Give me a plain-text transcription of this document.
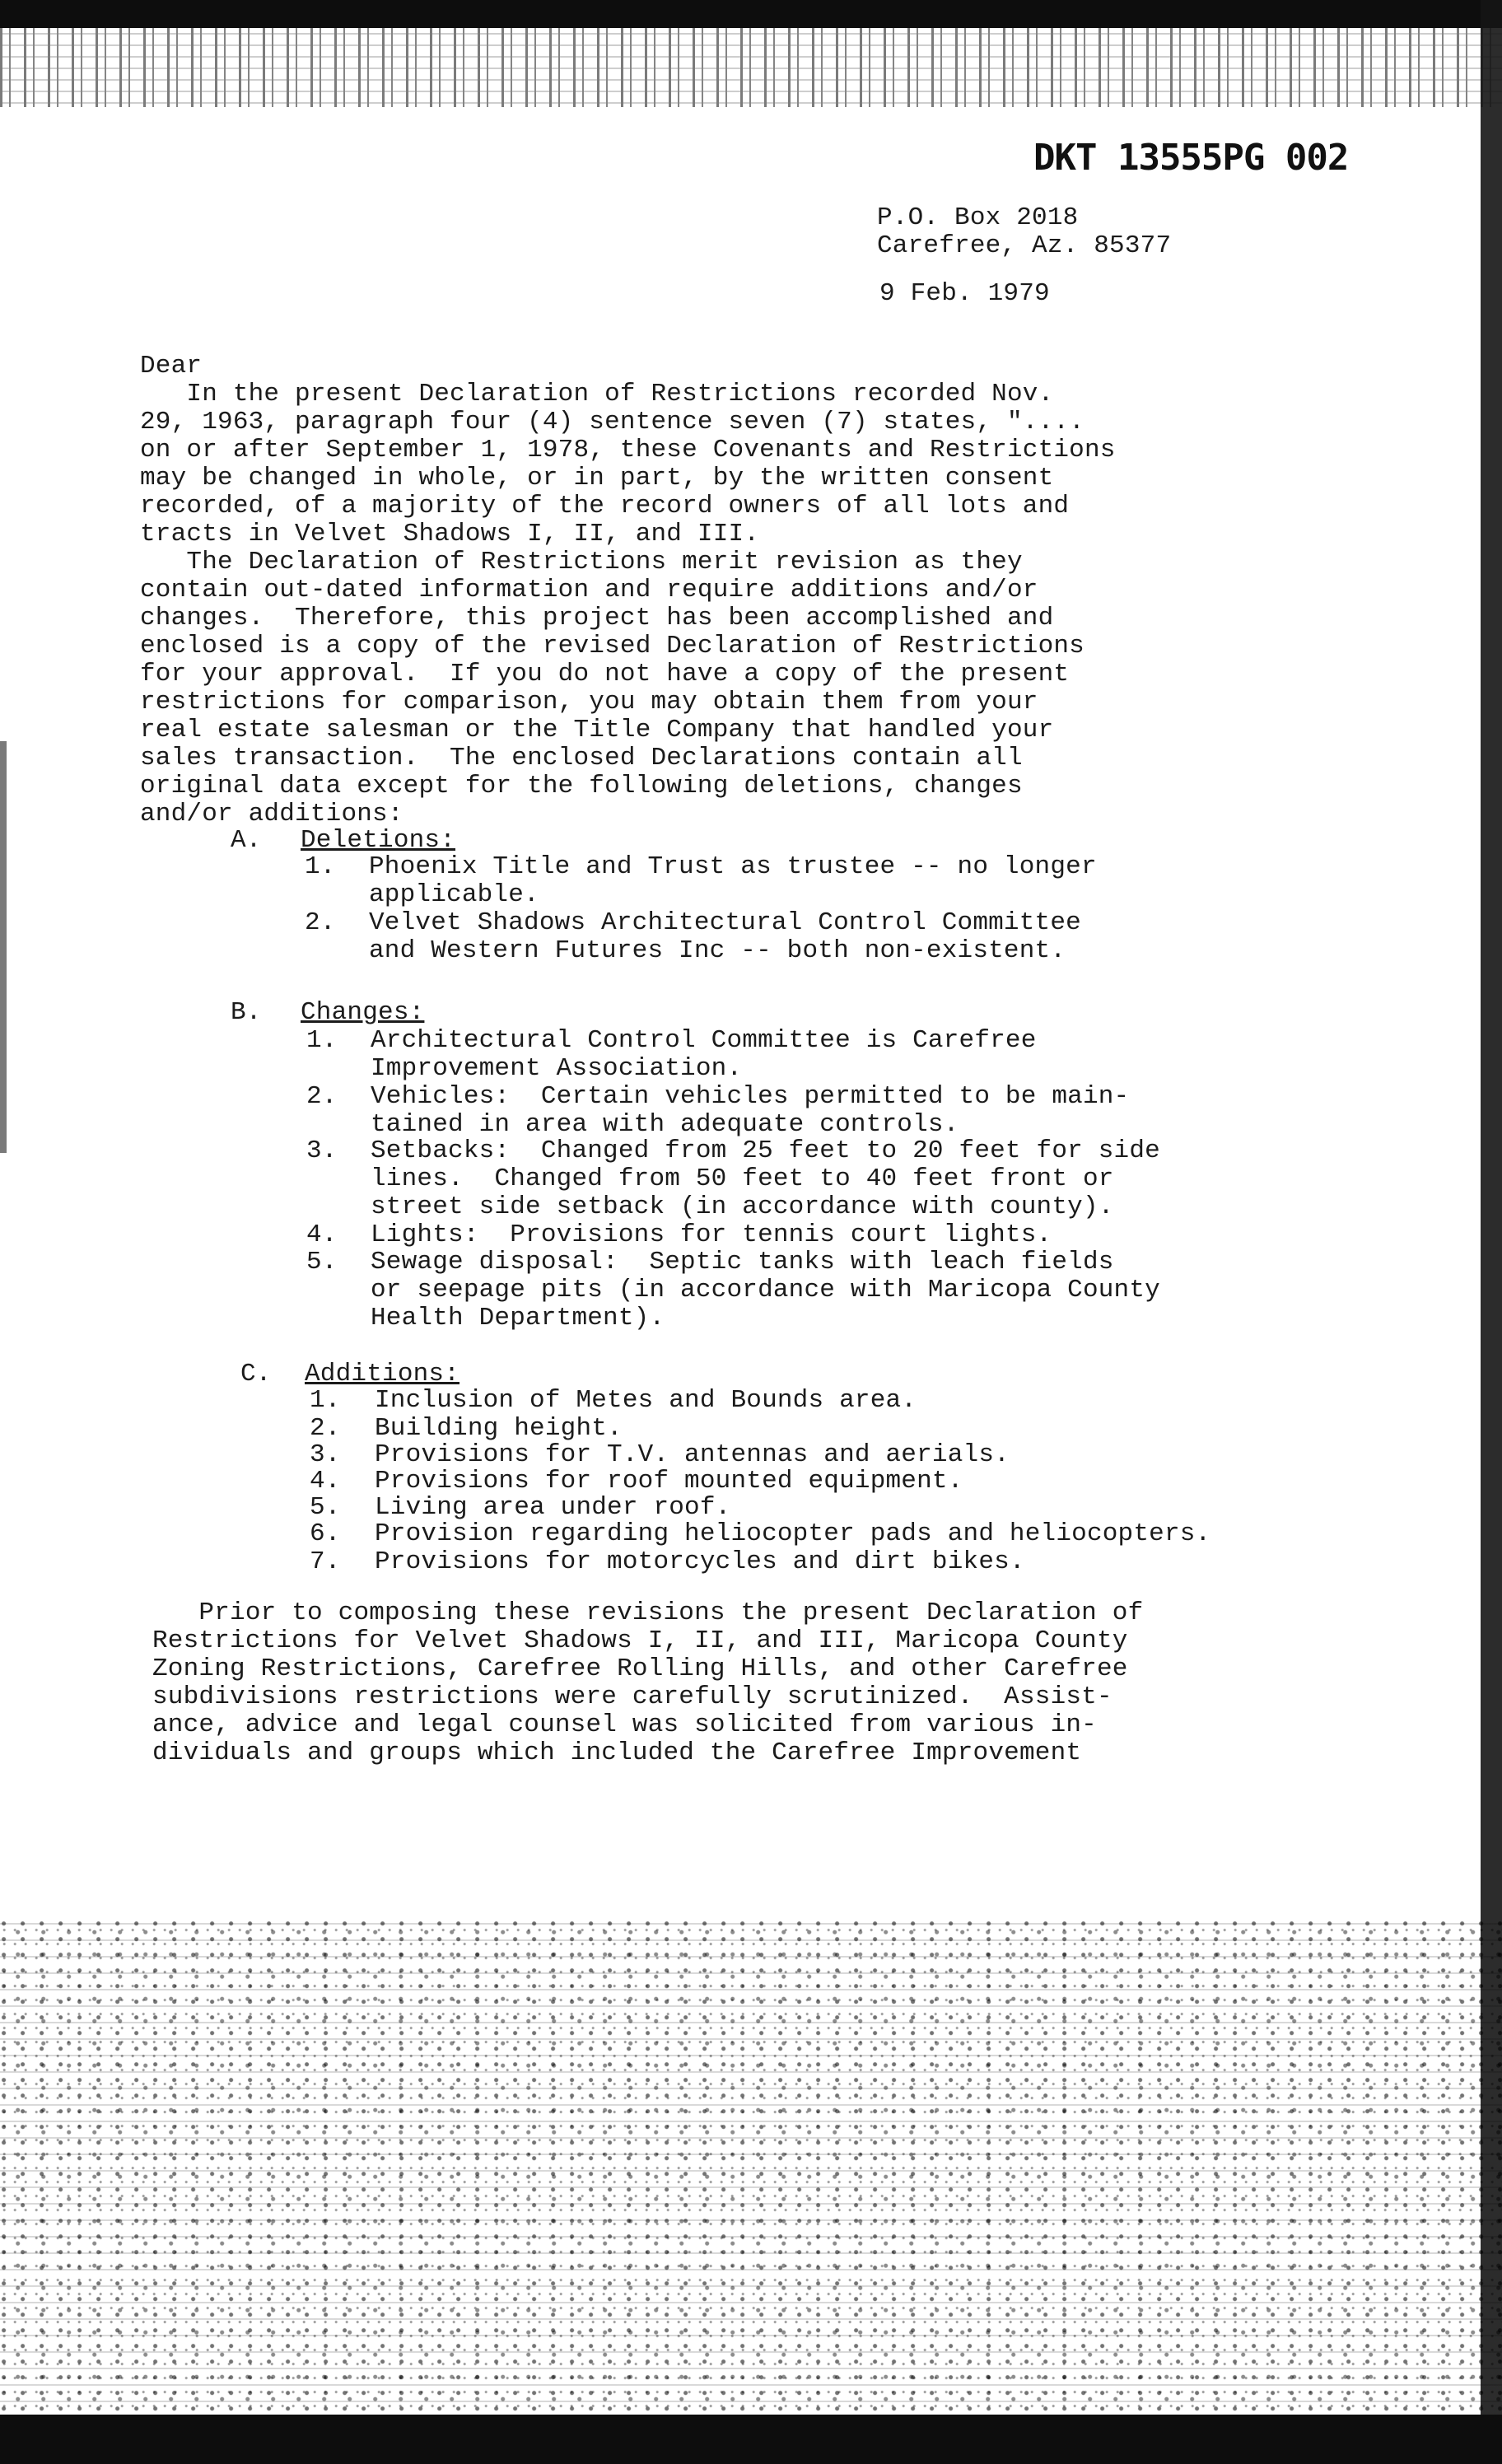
DKT 13555PG 002
P.O. Box 2018
Carefree, Az. 85377
9 Feb. 1979
Dear
In the present Declaration of Restrictions recorded Nov.
29, 1963, paragraph four (4) sentence seven (7) states, "....
on or after September 1, 1978, these Covenants and Restrictions
may be changed in whole, or in part, by the written consent
recorded, of a majority of the record owners of all lots and
tracts in Velvet Shadows I, II, and III.
The Declaration of Restrictions merit revision as they
contain out-dated information and require additions and/or
changes.  Therefore, this project has been accomplished and
enclosed is a copy of the revised Declaration of Restrictions
for your approval.  If you do not have a copy of the present
restrictions for comparison, you may obtain them from your
real estate salesman or the Title Company that handled your
sales transaction.  The enclosed Declarations contain all
original data except for the following deletions, changes
and/or additions:
A. Deletions:
1. Phoenix Title and Trust as trustee -- no longer
applicable.
2. Velvet Shadows Architectural Control Committee
and Western Futures Inc -- both non-existent.
B. Changes:
1. Architectural Control Committee is Carefree
Improvement Association.
2. Vehicles:  Certain vehicles permitted to be main-
tained in area with adequate controls.
3. Setbacks:  Changed from 25 feet to 20 feet for side
lines.  Changed from 50 feet to 40 feet front or
street side setback (in accordance with county).
4. Lights:  Provisions for tennis court lights.
5. Sewage disposal:  Septic tanks with leach fields
or seepage pits (in accordance with Maricopa County
Health Department).
C. Additions:
1. Inclusion of Metes and Bounds area.
2. Building height.
3. Provisions for T.V. antennas and aerials.
4. Provisions for roof mounted equipment.
5. Living area under roof.
6. Provision regarding heliocopter pads and heliocopters.
7. Provisions for motorcycles and dirt bikes.
Prior to composing these revisions the present Declaration of
Restrictions for Velvet Shadows I, II, and III, Maricopa County
Zoning Restrictions, Carefree Rolling Hills, and other Carefree
subdivisions restrictions were carefully scrutinized.  Assist-
ance, advice and legal counsel was solicited from various in-
dividuals and groups which included the Carefree Improvement
